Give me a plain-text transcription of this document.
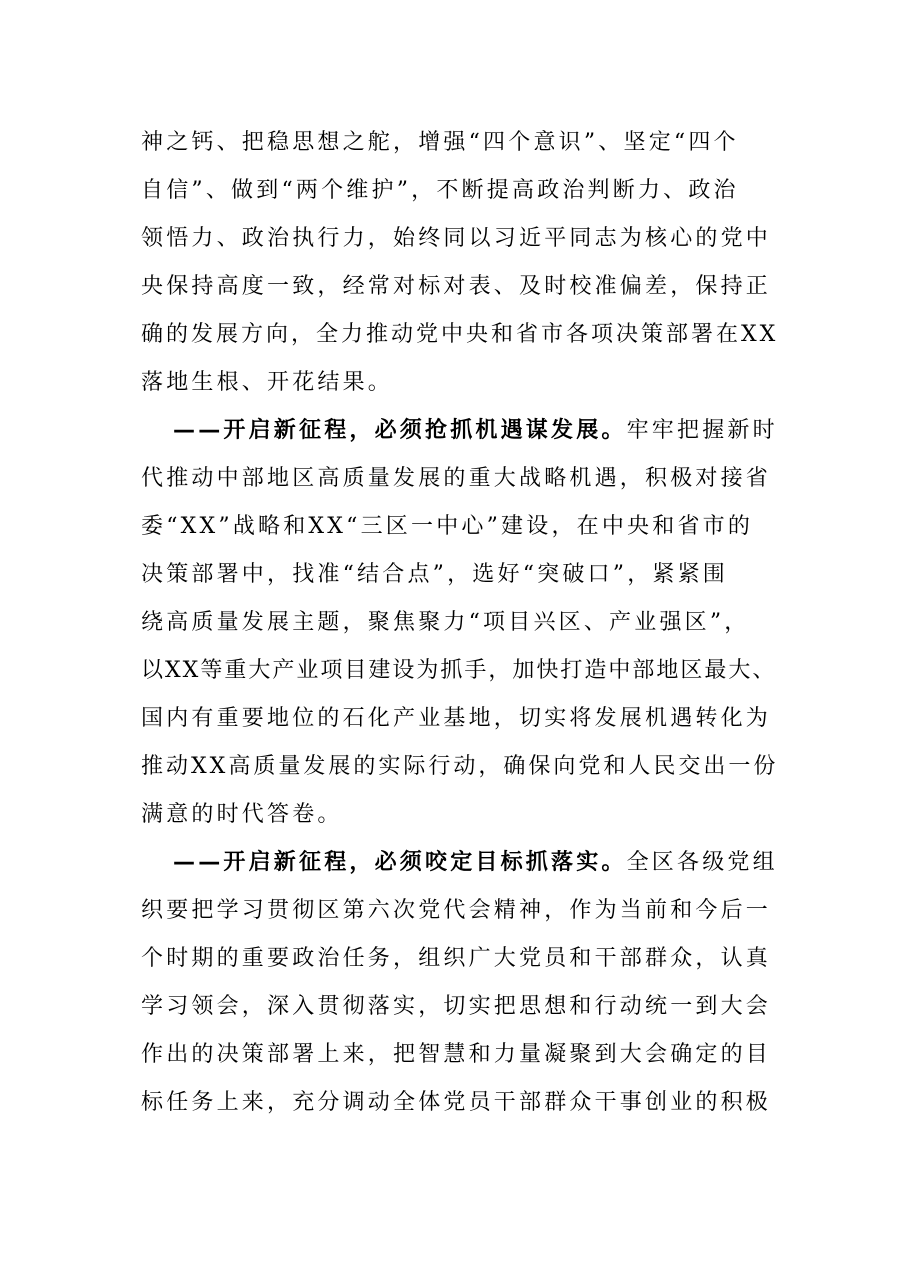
神之钙、把稳思想之舵，增强“四个意识”、坚定“四个
自信”、做到“两个维护”，不断提高政治判断力、政治
领悟力、政治执行力，始终同以习近平同志为核心的党中
央保持高度一致，经常对标对表、及时校准偏差，保持正
确的发展方向，全力推动党中央和省市各项决策部署在XX
落地生根、开花结果。
——开启新征程，必须抢抓机遇谋发展。牢牢把握新时
代推动中部地区高质量发展的重大战略机遇，积极对接省
委“XX”战略和XX“三区一中心”建设，在中央和省市的
决策部署中，找准“结合点”，选好“突破口”，紧紧围
绕高质量发展主题，聚焦聚力“项目兴区、产业强区”，
以XX等重大产业项目建设为抓手，加快打造中部地区最大、
国内有重要地位的石化产业基地，切实将发展机遇转化为
推动XX高质量发展的实际行动，确保向党和人民交出一份
满意的时代答卷。
——开启新征程，必须咬定目标抓落实。全区各级党组
织要把学习贯彻区第六次党代会精神，作为当前和今后一
个时期的重要政治任务，组织广大党员和干部群众，认真
学习领会，深入贯彻落实，切实把思想和行动统一到大会
作出的决策部署上来，把智慧和力量凝聚到大会确定的目
标任务上来，充分调动全体党员干部群众干事创业的积极
